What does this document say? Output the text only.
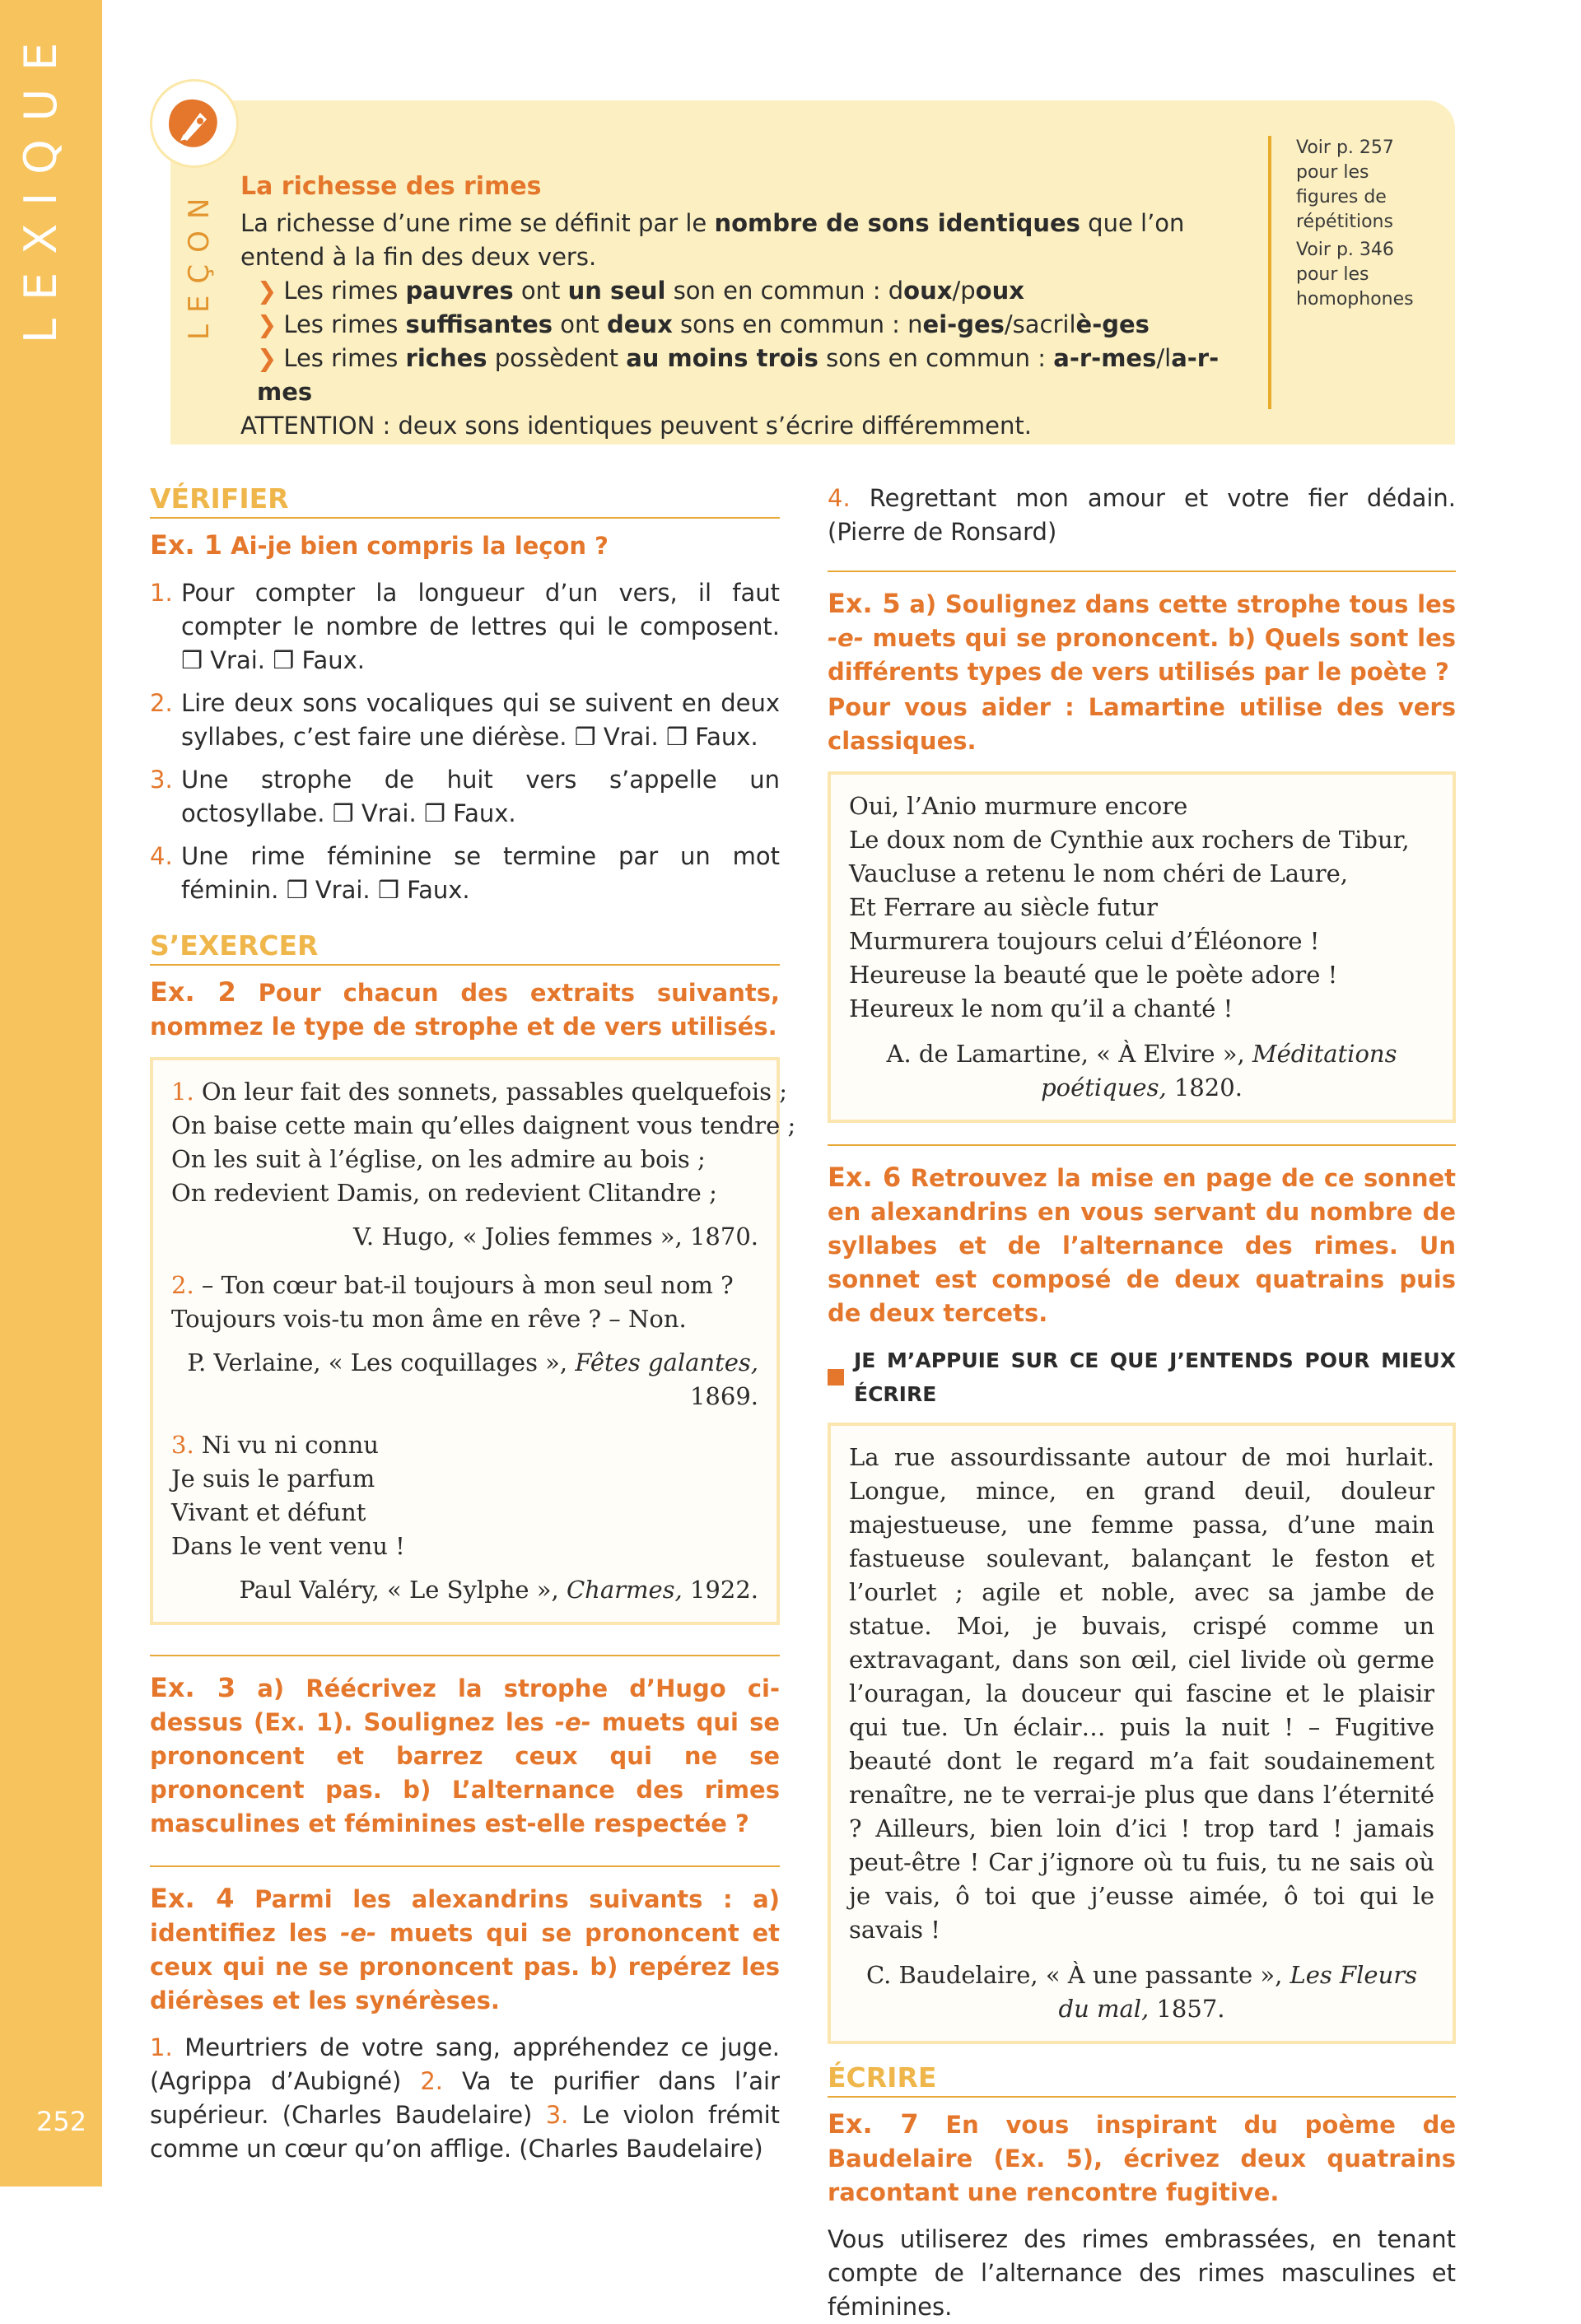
LEXIQUE
252
LEÇON
La richesse des rimes
La richesse d’une rime se définit par le nombre de sons identiques que l’on entend à la fin des deux vers.
❯ Les rimes pauvres ont un seul son en commun : doux/poux
❯ Les rimes suffisantes ont deux sons en commun : nei-ges/sacrilè-ges
❯ Les rimes riches possèdent au moins trois sons en commun : a-r-mes/la-r-mes
ATTENTION : deux sons identiques peuvent s’écrire différemment.
Voir p. 257
pour les
figures de
répétitions
Voir p. 346
pour les
homophones
VÉRIFIER
Ex. 1 Ai-je bien compris la leçon ?
1. Pour compter la longueur d’un vers, il faut compter le nombre de lettres qui le composent. ❒ Vrai. ❒ Faux.
2. Lire deux sons vocaliques qui se suivent en deux syllabes, c’est faire une diérèse. ❒ Vrai. ❒ Faux.
3. Une strophe de huit vers s’appelle un octosyllabe. ❒ Vrai. ❒ Faux.
4. Une rime féminine se termine par un mot féminin. ❒ Vrai. ❒ Faux.
S’EXERCER
Ex. 2 Pour chacun des extraits suivants, nommez le type de strophe et de vers utilisés.
1. On leur fait des sonnets, passables quelquefois ;
On baise cette main qu’elles daignent vous tendre ;
On les suit à l’église, on les admire au bois ;
On redevient Damis, on redevient Clitandre ;
V. Hugo, « Jolies femmes », 1870.
2. – Ton cœur bat-il toujours à mon seul nom ?
Toujours vois-tu mon âme en rêve ? – Non.
P. Verlaine, « Les coquillages », Fêtes galantes, 1869.
3. Ni vu ni connu
Je suis le parfum
Vivant et défunt
Dans le vent venu !
Paul Valéry, « Le Sylphe », Charmes, 1922.
Ex. 3 a) Réécrivez la strophe d’Hugo ci-dessus (Ex. 1). Soulignez les -e- muets qui se prononcent et barrez ceux qui ne se prononcent pas. b) L’alternance des rimes masculines et féminines est-elle respectée ?
Ex. 4 Parmi les alexandrins suivants : a) identifiez les -e- muets qui se prononcent et ceux qui ne se prononcent pas. b) repérez les diérèses et les synérèses.
1. Meurtriers de votre sang, appréhendez ce juge. (Agrippa d’Aubigné) 2. Va te purifier dans l’air supérieur. (Charles Baudelaire) 3. Le violon frémit comme un cœur qu’on afflige. (Charles Baudelaire)
4. Regrettant mon amour et votre fier dédain. (Pierre de Ronsard)
Ex. 5 a) Soulignez dans cette strophe tous les -e- muets qui se prononcent. b) Quels sont les différents types de vers utilisés par le poète ?
Pour vous aider : Lamartine utilise des vers classiques.
Oui, l’Anio murmure encore
Le doux nom de Cynthie aux rochers de Tibur,
Vaucluse a retenu le nom chéri de Laure,
Et Ferrare au siècle futur
Murmurera toujours celui d’Éléonore !
Heureuse la beauté que le poète adore !
Heureux le nom qu’il a chanté !
A. de Lamartine, « À Elvire », Méditations poétiques, 1820.
Ex. 6 Retrouvez la mise en page de ce sonnet en alexandrins en vous servant du nombre de syllabes et de l’alternance des rimes. Un sonnet est composé de deux quatrains puis de deux tercets.
JE M’APPUIE SUR CE QUE J’ENTENDS POUR MIEUX ÉCRIRE
La rue assourdissante autour de moi hurlait. Longue, mince, en grand deuil, douleur majestueuse, une femme passa, d’une main fastueuse soulevant, balançant le feston et l’ourlet ; agile et noble, avec sa jambe de statue. Moi, je buvais, crispé comme un extravagant, dans son œil, ciel livide où germe l’ouragan, la douceur qui fascine et le plaisir qui tue. Un éclair… puis la nuit ! – Fugitive beauté dont le regard m’a fait soudainement renaître, ne te verrai-je plus que dans l’éternité ? Ailleurs, bien loin d’ici ! trop tard ! jamais peut-être ! Car j’ignore où tu fuis, tu ne sais où je vais, ô toi que j’eusse aimée, ô toi qui le savais !
C. Baudelaire, « À une passante », Les Fleurs du mal, 1857.
ÉCRIRE
Ex. 7 En vous inspirant du poème de Baudelaire (Ex. 5), écrivez deux quatrains racontant une rencontre fugitive.
Vous utiliserez des rimes embrassées, en tenant compte de l’alternance des rimes masculines et féminines.
